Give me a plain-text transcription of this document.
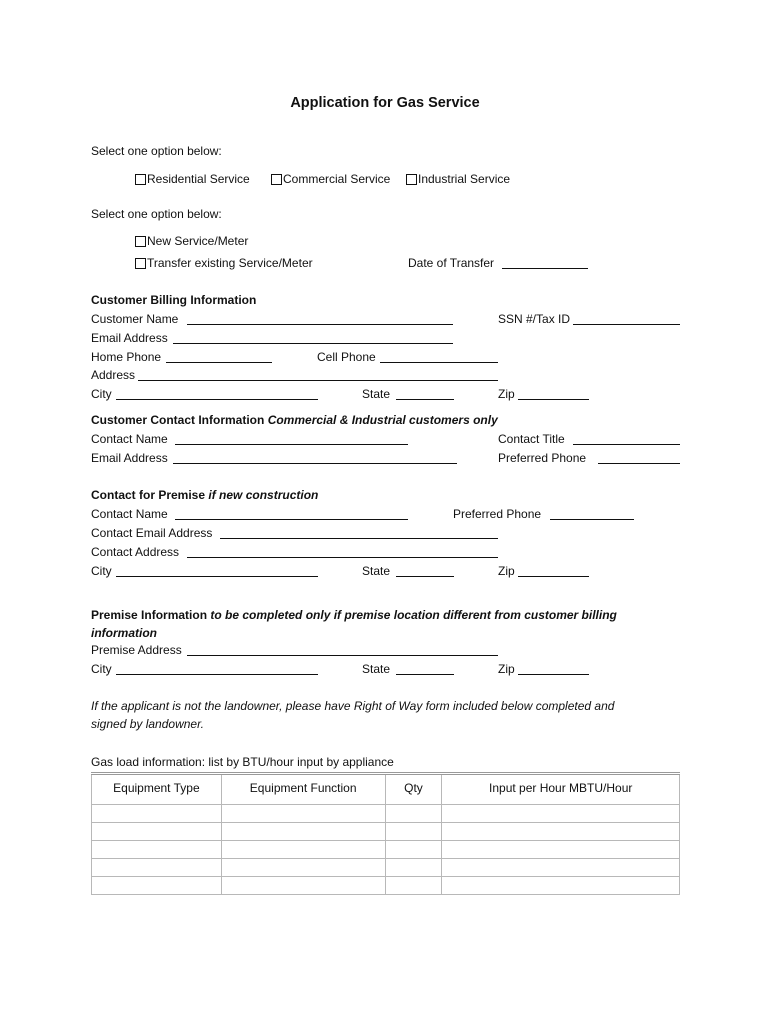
Application for Gas Service
Select one option below:
Residential Service	Commercial Service	Industrial Service
Select one option below:
New Service/Meter
Transfer existing Service/Meter	Date of Transfer
Customer Billing Information
Customer Name	SSN #/Tax ID
Email Address
Home Phone	Cell Phone
Address
City	State	Zip
Customer Contact Information Commercial & Industrial customers only
Contact Name	Contact Title
Email Address	Preferred Phone
Contact for Premise if new construction
Contact Name	Preferred Phone
Contact Email Address
Contact Address
City	State	Zip
Premise Information to be completed only if premise location different from customer billing
information
Premise Address
City	State	Zip
If the applicant is not the landowner, please have Right of Way form included below completed and
signed by landowner.
Gas load information: list by BTU/hour input by appliance
Equipment Type	Equipment Function	Qty	Input per Hour MBTU/Hour
